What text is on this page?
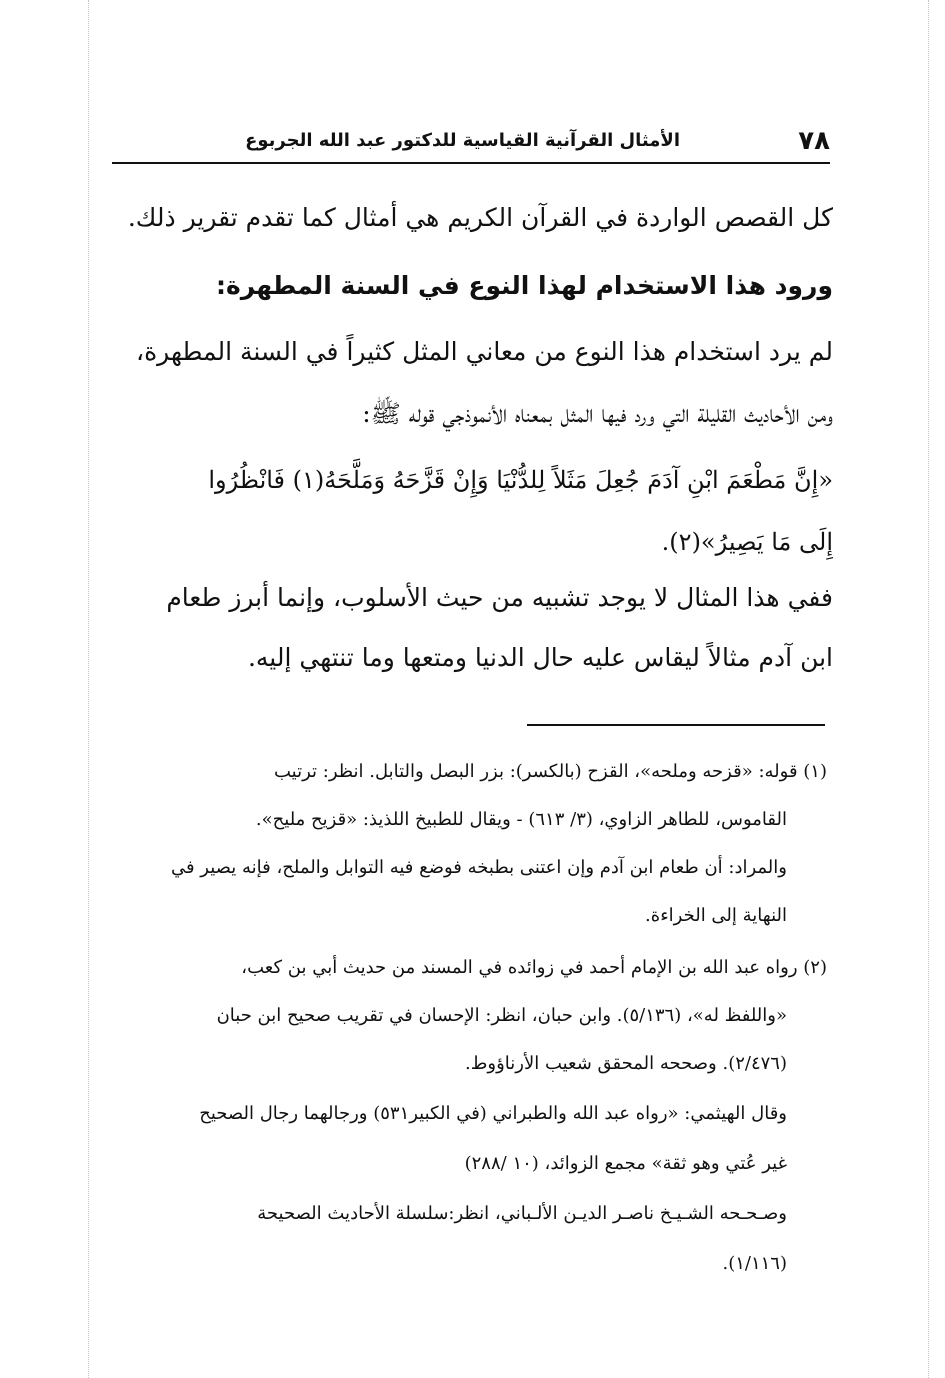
٧٨
الأمثال القرآنية القياسية للدكتور عبد الله الجربوع
كل القصص الواردة في القرآن الكريم هي أمثال كما تقدم تقرير ذلك.
ورود هذا الاستخدام لهذا النوع في السنة المطهرة:
لم يرد استخدام هذا النوع من معاني المثل كثيراً في السنة المطهرة،
ومن الأحاديث القليلة التي ورد فيها المثل بمعناه الأنموذجي قوله ﷺ:
«إِنَّ مَطْعَمَ ابْنِ آدَمَ جُعِلَ مَثَلاً لِلدُّنْيَا وَإِنْ قَزَّحَهُ وَمَلَّحَهُ(١) فَانْظُرُوا
إِلَى مَا يَصِيرُ»(٢).
ففي هذا المثال لا يوجد تشبيه من حيث الأسلوب، وإنما أبرز طعام
ابن آدم مثالاً ليقاس عليه حال الدنيا ومتعها وما تنتهي إليه.
(١) قوله: «قزحه وملحه»، القزح (بالكسر): بزر البصل والتابل. انظر: ترتيب
القاموس، للطاهر الزاوي، (٣/ ٦١٣) - ويقال للطبيخ اللذيذ: «قزيح مليح».
والمراد: أن طعام ابن آدم وإن اعتنى بطبخه فوضع فيه التوابل والملح، فإنه يصير في
النهاية إلى الخراءة.
(٢) رواه عبد الله بن الإمام أحمد في زوائده في المسند من حديث أبي بن كعب،
«واللفظ له»، (٥/١٣٦). وابن حبان، انظر: الإحسان في تقريب صحيح ابن حبان
(٢/٤٧٦). وصححه المحقق شعيب الأرناؤوط.
وقال الهيثمي: «رواه عبد الله والطبراني (في الكبير٥٣١) ورجالهما رجال الصحيح
غير عُتي وهو ثقة» مجمع الزوائد، (١٠ /٢٨٨)
وصـحـحه الشـيـخ ناصـر الديـن الألـباني، انظر:سلسلة الأحاديث الصحيحة
(١/١١٦).
